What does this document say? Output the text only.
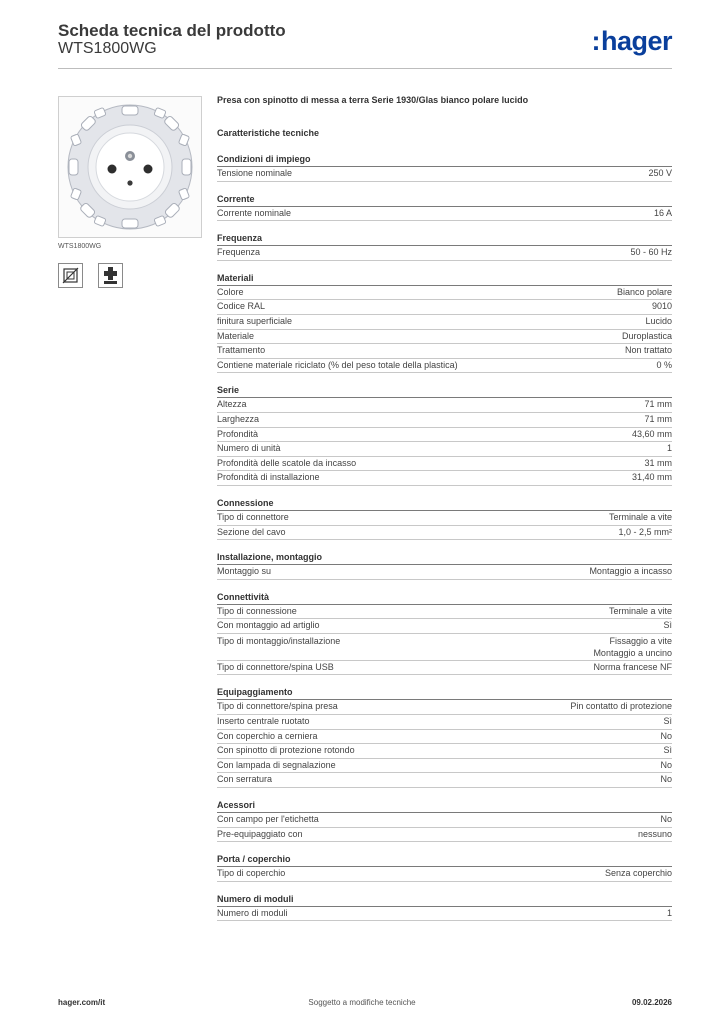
Scheda tecnica del prodotto
WTS1800WG	:hager
WTS1800WG
Presa con spinotto di messa a terra Serie 1930/Glas bianco polare lucido
Caratteristiche tecniche
Condizioni di impiego
Tensione nominale	250 V
Corrente
Corrente nominale	16 A
Frequenza
Frequenza	50 - 60 Hz
Materiali
Colore	Bianco polare
Codice RAL	9010
finitura superficiale	Lucido
Materiale	Duroplastica
Trattamento	Non trattato
Contiene materiale riciclato (% del peso totale della plastica)	0 %
Serie
Altezza	71 mm
Larghezza	71 mm
Profondità	43,60 mm
Numero di unità	1
Profondità delle scatole da incasso	31 mm
Profondità di installazione	31,40 mm
Connessione
Tipo di connettore	Terminale a vite
Sezione del cavo	1,0 - 2,5 mm²
Installazione, montaggio
Montaggio su	Montaggio a incasso
Connettività
Tipo di connessione	Terminale a vite
Con montaggio ad artiglio	Sì
Tipo di montaggio/installazione	Fissaggio a vite
Montaggio a uncino
Tipo di connettore/spina USB	Norma francese NF
Equipaggiamento
Tipo di connettore/spina presa	Pin contatto di protezione
Inserto centrale ruotato	Sì
Con coperchio a cerniera	No
Con spinotto di protezione rotondo	Sì
Con lampada di segnalazione	No
Con serratura	No
Acessori
Con campo per l'etichetta	No
Pre-equipaggiato con	nessuno
Porta / coperchio
Tipo di coperchio	Senza coperchio
Numero di moduli
Numero di moduli	1
hager.com/it	Soggetto a modifiche tecniche	09.02.2026
